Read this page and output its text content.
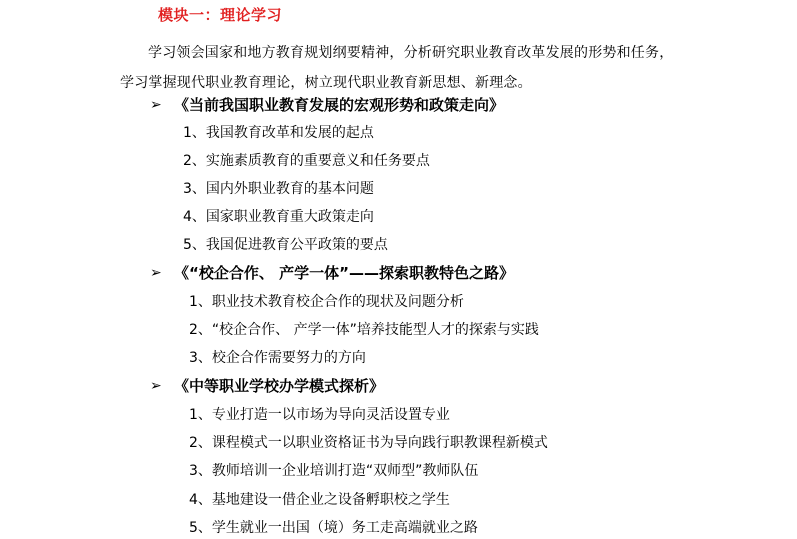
模块一：理论学习
学习领会国家和地方教育规划纲要精神，分析研究职业教育改革发展的形势和任务，学习掌握现代职业教育理论，树立现代职业教育新思想、新理念。
➢ 《当前我国职业教育发展的宏观形势和政策走向》
1、我国教育改革和发展的起点
2、实施素质教育的重要意义和任务要点
3、国内外职业教育的基本问题
4、国家职业教育重大政策走向
5、我国促进教育公平政策的要点
➢ 《“校企合作、 产学一体”——探索职教特色之路》
1、职业技术教育校企合作的现状及问题分析
2、“校企合作、 产学一体”培养技能型人才的探索与实践
3、校企合作需要努力的方向
➢ 《中等职业学校办学模式探析》
1、专业打造一以市场为导向灵活设置专业
2、课程模式一以职业资格证书为导向践行职教课程新模式
3、教师培训一企业培训打造“双师型”教师队伍
4、基地建设一借企业之设备孵职校之学生
5、学生就业一出国（境）务工走高端就业之路
